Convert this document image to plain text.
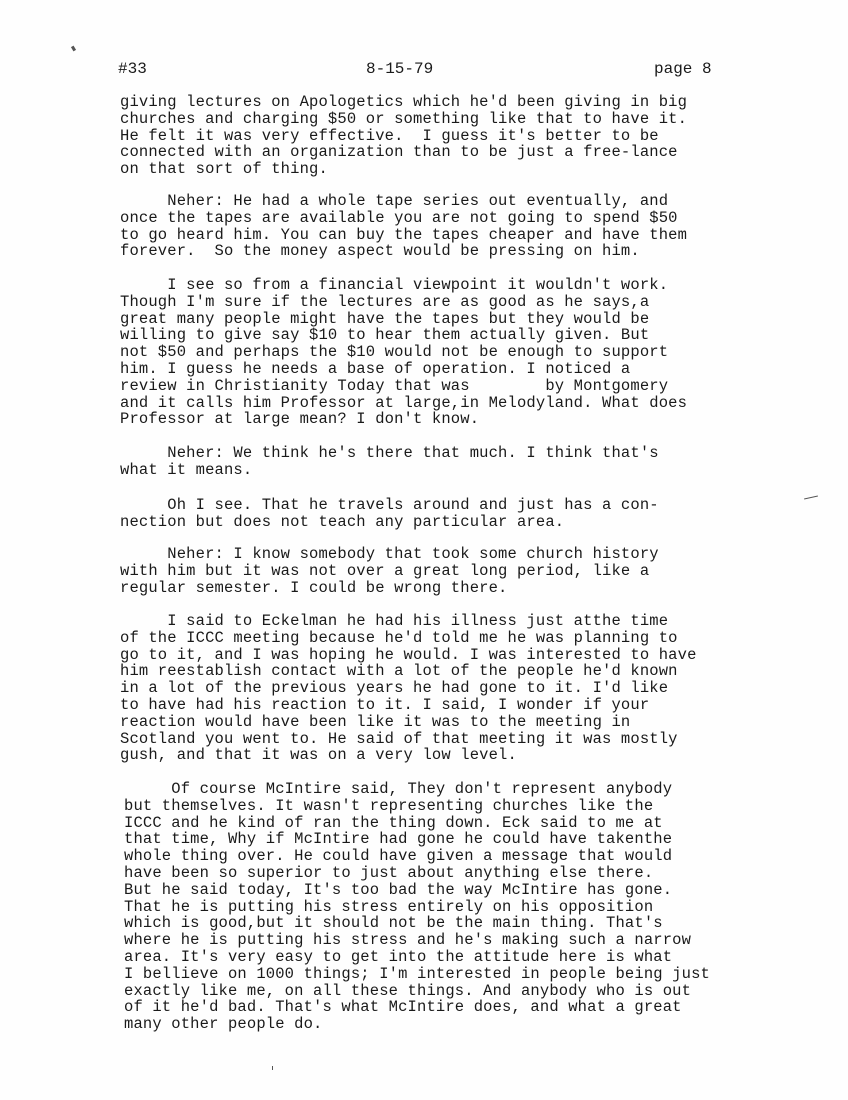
#33	8-15-79	page 8

giving lectures on Apologetics which he'd been giving in big
churches and charging $50 or something like that to have it.
He felt it was very effective.  I guess it's better to be
connected with an organization than to be just a free-lance
on that sort of thing.

Neher: He had a whole tape series out eventually, and
once the tapes are available you are not going to spend $50
to go heard him. You can buy the tapes cheaper and have them
forever.  So the money aspect would be pressing on him.

I see so from a financial viewpoint it wouldn't work.
Though I'm sure if the lectures are as good as he says,a
great many people might have the tapes but they would be
willing to give say $10 to hear them actually given. But
not $50 and perhaps the $10 would not be enough to support
him. I guess he needs a base of operation. I noticed a
review in Christianity Today that was        by Montgomery
and it calls him Professor at large,in Melodyland. What does
Professor at large mean? I don't know.

Neher: We think he's there that much. I think that's
what it means.

Oh I see. That he travels around and just has a con-
nection but does not teach any particular area.

Neher: I know somebody that took some church history
with him but it was not over a great long period, like a
regular semester. I could be wrong there.

I said to Eckelman he had his illness just atthe time
of the ICCC meeting because he'd told me he was planning to
go to it, and I was hoping he would. I was interested to have
him reestablish contact with a lot of the people he'd known
in a lot of the previous years he had gone to it. I'd like
to have had his reaction to it. I said, I wonder if your
reaction would have been like it was to the meeting in
Scotland you went to. He said of that meeting it was mostly
gush, and that it was on a very low level.

Of course McIntire said, They don't represent anybody
but themselves. It wasn't representing churches like the
ICCC and he kind of ran the thing down. Eck said to me at
that time, Why if McIntire had gone he could have takenthe
whole thing over. He could have given a message that would
have been so superior to just about anything else there.
But he said today, It's too bad the way McIntire has gone.
That he is putting his stress entirely on his opposition
which is good,but it should not be the main thing. That's
where he is putting his stress and he's making such a narrow
area. It's very easy to get into the attitude here is what
I bellieve on 1000 things; I'm interested in people being just
exactly like me, on all these things. And anybody who is out
of it he'd bad. That's what McIntire does, and what a great
many other people do.
